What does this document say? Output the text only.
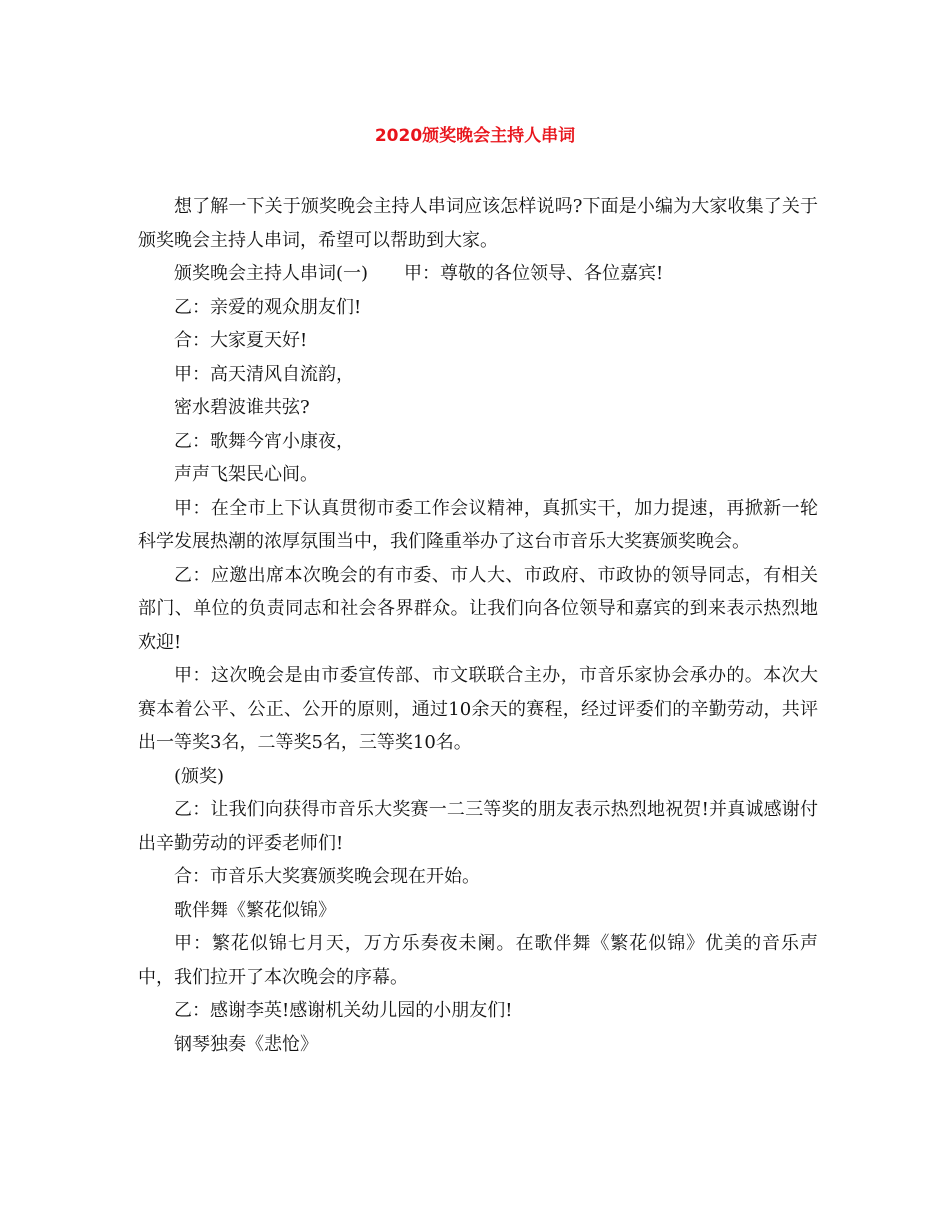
2020颁奖晚会主持人串词

想了解一下关于颁奖晚会主持人串词应该怎样说吗?下面是小编为大家收集了关于颁奖晚会主持人串词，希望可以帮助到大家。

颁奖晚会主持人串词(一)　　甲：尊敬的各位领导、各位嘉宾!

乙：亲爱的观众朋友们!

合：大家夏天好!

甲：高天清风自流韵，

密水碧波谁共弦?

乙：歌舞今宵小康夜，

声声飞架民心间。

甲：在全市上下认真贯彻市委工作会议精神，真抓实干，加力提速，再掀新一轮科学发展热潮的浓厚氛围当中，我们隆重举办了这台市音乐大奖赛颁奖晚会。

乙：应邀出席本次晚会的有市委、市人大、市政府、市政协的领导同志，有相关部门、单位的负责同志和社会各界群众。让我们向各位领导和嘉宾的到来表示热烈地欢迎!

甲：这次晚会是由市委宣传部、市文联联合主办，市音乐家协会承办的。本次大赛本着公平、公正、公开的原则，通过10余天的赛程，经过评委们的辛勤劳动，共评出一等奖3名，二等奖5名，三等奖10名。

(颁奖)

乙：让我们向获得市音乐大奖赛一二三等奖的朋友表示热烈地祝贺!并真诚感谢付出辛勤劳动的评委老师们!

合：市音乐大奖赛颁奖晚会现在开始。

歌伴舞《繁花似锦》

甲：繁花似锦七月天，万方乐奏夜未阑。在歌伴舞《繁花似锦》优美的音乐声中，我们拉开了本次晚会的序幕。

乙：感谢李英!感谢机关幼儿园的小朋友们!

钢琴独奏《悲怆》
